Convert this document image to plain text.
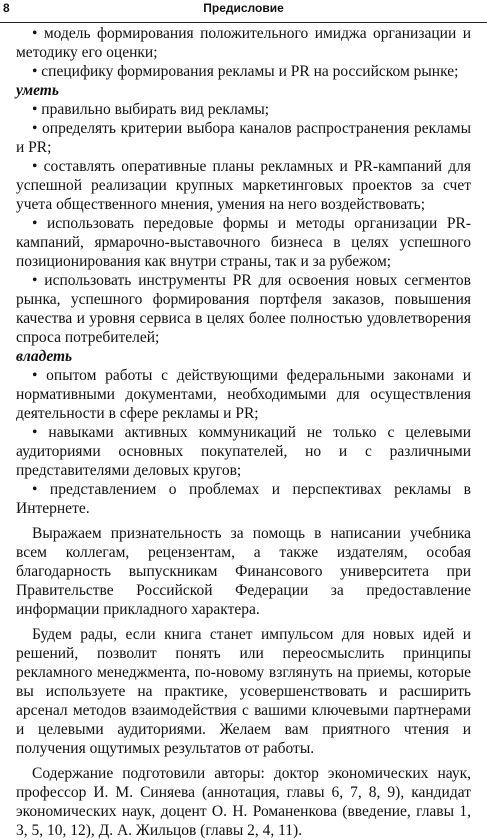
8	Предисловие

• модель формирования положительного имиджа организации и методику его оценки;

• специфику формирования рекламы и PR на российском рынке;

уметь

• правильно выбирать вид рекламы;

• определять критерии выбора каналов распространения рекламы и PR;

• составлять оперативные планы рекламных и PR-кампаний для успешной реализации крупных маркетинговых проектов за счет учета общественного мнения, умения на него воздействовать;

• использовать передовые формы и методы организации PR-кампаний, ярмарочно-выставочного бизнеса в целях успешного позиционирования как внутри страны, так и за рубежом;

• использовать инструменты PR для освоения новых сегментов рынка, успешного формирования портфеля заказов, повышения качества и уровня сервиса в целях более полностью удовлетворения спроса потребителей;

владеть

• опытом работы с действующими федеральными законами и нормативными документами, необходимыми для осуществления деятельности в сфере рекламы и PR;

• навыками активных коммуникаций не только с целевыми аудиториями основных покупателей, но и с различными представителями деловых кругов;

• представлением о проблемах и перспективах рекламы в Интернете.

Выражаем признательность за помощь в написании учебника всем коллегам, рецензентам, а также издателям, особая благодарность выпускникам Финансового университета при Правительстве Российской Федерации за предоставление информации прикладного характера.

Будем рады, если книга станет импульсом для новых идей и решений, позволит понять или переосмыслить принципы рекламного менеджмента, по-новому взглянуть на приемы, которые вы используете на практике, усовершенствовать и расширить арсенал методов взаимодействия с вашими ключевыми партнерами и целевыми аудиториями. Желаем вам приятного чтения и получения ощутимых результатов от работы.

Содержание подготовили авторы: доктор экономических наук, профессор И. М. Синяева (аннотация, главы 6, 7, 8, 9), кандидат экономических наук, доцент О. Н. Романенкова (введение, главы 1, 3, 5, 10, 12), Д. А. Жильцов (главы 2, 4, 11).
